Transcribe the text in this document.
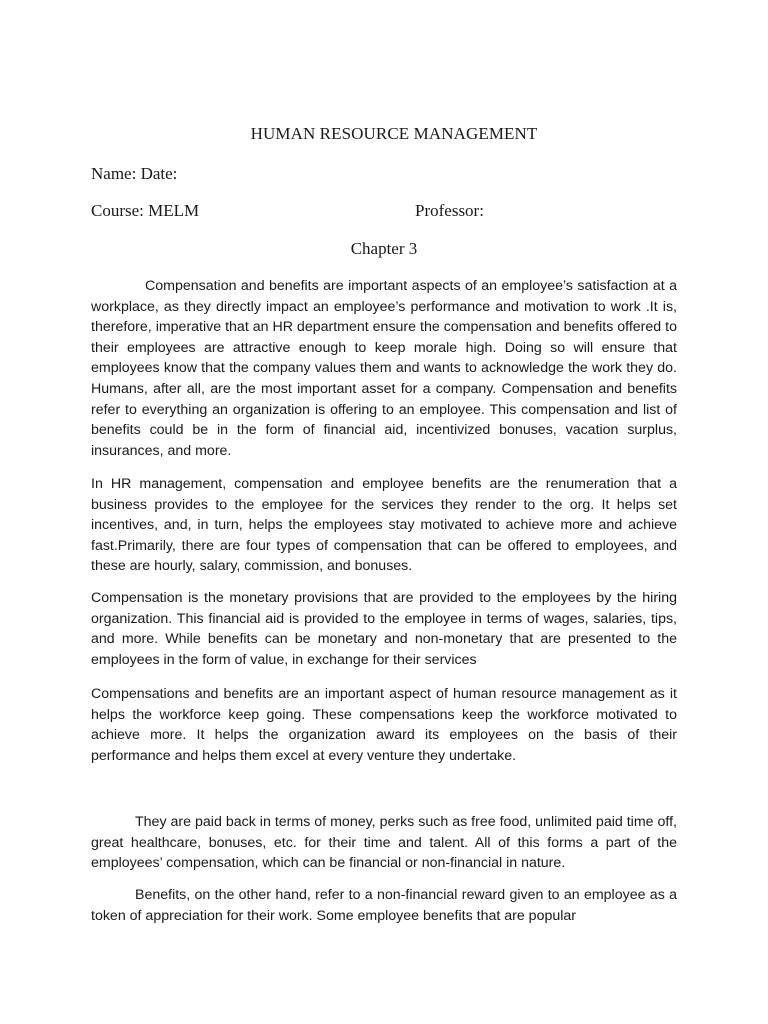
HUMAN RESOURCE MANAGEMENT
Name: Date:
Course: MELM	Professor:
Chapter 3

Compensation and benefits are important aspects of an employee’s satisfaction at a workplace, as they directly impact an employee’s performance and motivation to work .It is, therefore, imperative that an HR department ensure the compensation and benefits offered to their employees are attractive enough to keep morale high. Doing so will ensure that employees know that the company values them and wants to acknowledge the work they do. Humans, after all, are the most important asset for a company. Compensation and benefits refer to everything an organization is offering to an employee. This compensation and list of benefits could be in the form of financial aid, incentivized bonuses, vacation surplus, insurances, and more.

In HR management, compensation and employee benefits are the renumeration that a business provides to the employee for the services they render to the org. It helps set incentives, and, in turn, helps the employees stay motivated to achieve more and achieve fast.Primarily, there are four types of compensation that can be offered to employees, and these are hourly, salary, commission, and bonuses.

Compensation is the monetary provisions that are provided to the employees by the hiring organization. This financial aid is provided to the employee in terms of wages, salaries, tips, and more. While benefits can be monetary and non-monetary that are presented to the employees in the form of value, in exchange for their services

Compensations and benefits are an important aspect of human resource management as it helps the workforce keep going. These compensations keep the workforce motivated to achieve more. It helps the organization award its employees on the basis of their performance and helps them excel at every venture they undertake.

They are paid back in terms of money, perks such as free food, unlimited paid time off, great healthcare, bonuses, etc. for their time and talent. All of this forms a part of the employees’ compensation, which can be financial or non-financial in nature.

Benefits, on the other hand, refer to a non-financial reward given to an employee as a token of appreciation for their work. Some employee benefits that are popular
